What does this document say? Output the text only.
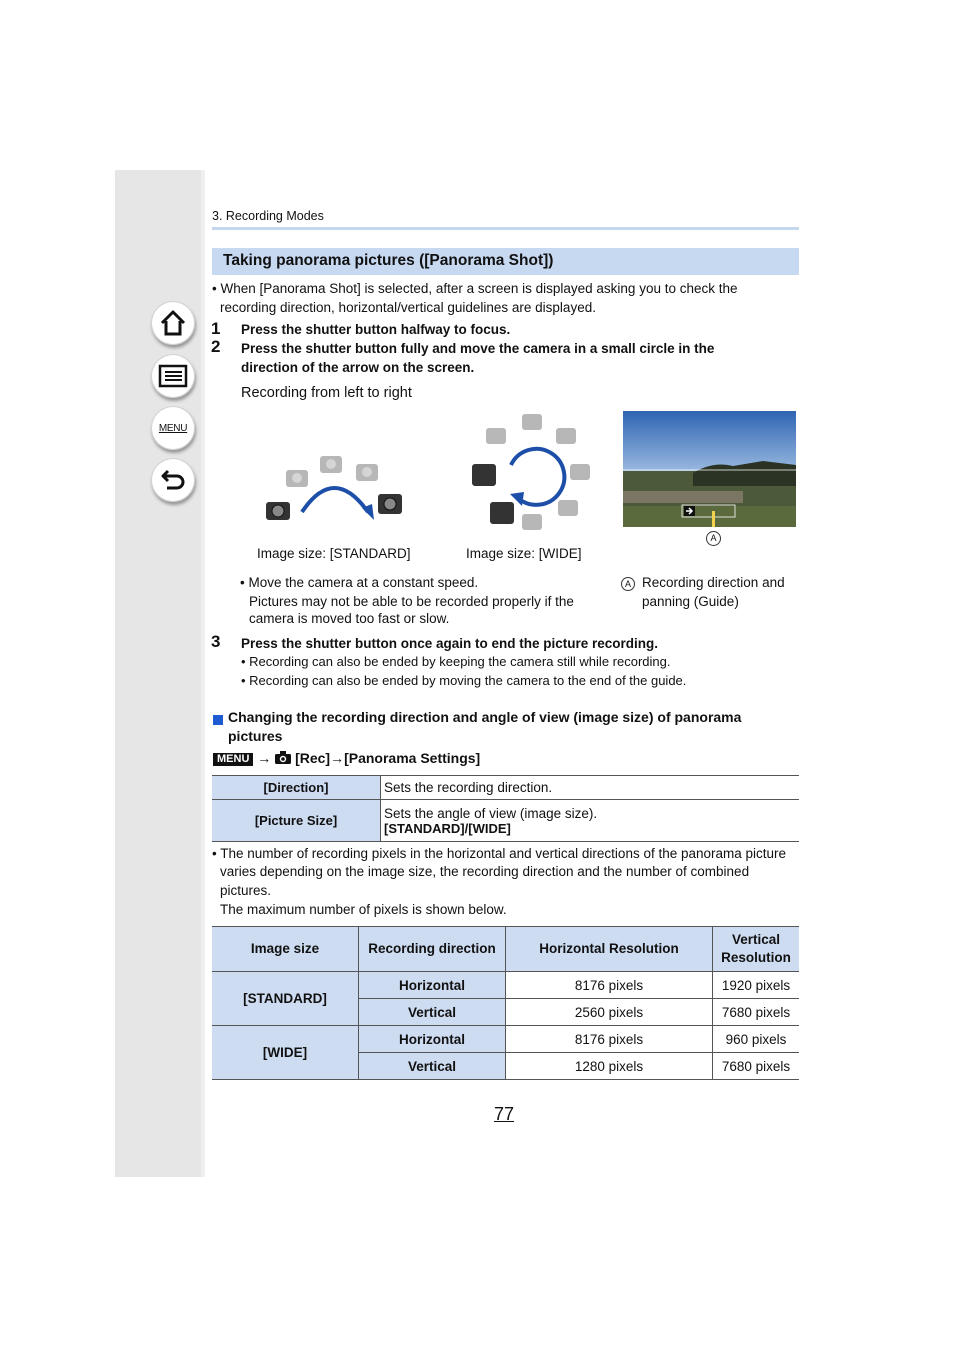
MENU
3. Recording Modes
Taking panorama pictures ([Panorama Shot])
• When [Panorama Shot] is selected, after a screen is displayed asking you to check the
recording direction, horizontal/vertical guidelines are displayed.
1 Press the shutter button halfway to focus.
2 Press the shutter button fully and move the camera in a small circle in the
direction of the arrow on the screen.
Recording from left to right
A
Image size: [STANDARD]	Image size: [WIDE]
• Move the camera at a constant speed.
Pictures may not be able to be recorded properly if the
camera is moved too fast or slow.
A Recording direction and
panning (Guide)
3 Press the shutter button once again to end the picture recording.
• Recording can also be ended by keeping the camera still while recording.
• Recording can also be ended by moving the camera to the end of the guide.
Changing the recording direction and angle of view (image size) of panorama
pictures
MENU → [Rec]→[Panorama Settings]
[Direction]	Sets the recording direction.
[Picture Size]	Sets the angle of view (image size).
[STANDARD]/[WIDE]
• The number of recording pixels in the horizontal and vertical directions of the panorama picture
varies depending on the image size, the recording direction and the number of combined
pictures.
The maximum number of pixels is shown below.
Image size	Recording direction	Horizontal Resolution	Vertical Resolution
[STANDARD]	Horizontal	8176 pixels	1920 pixels
	Vertical	2560 pixels	7680 pixels
[WIDE]	Horizontal	8176 pixels	960 pixels
	Vertical	1280 pixels	7680 pixels
77
